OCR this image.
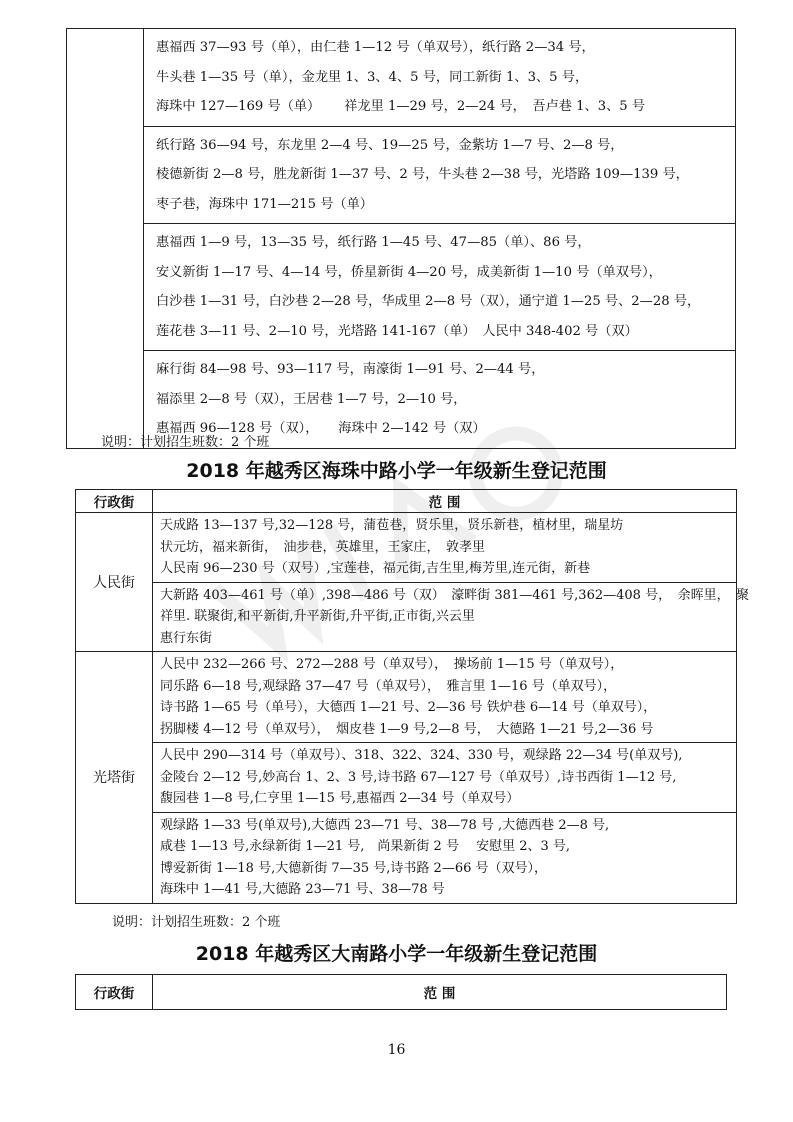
惠福西 37—93 号（单），由仁巷 1—12 号（单双号），纸行路 2—34 号，
牛头巷 1—35 号（单），金龙里 1、3、4、5 号，同工新街 1、3、5 号，
海珠中 127—169 号（单）　　 祥龙里 1—29 号，2—24 号，　吾卢巷 1、3、5 号

纸行路 36—94 号，东龙里 2—4 号、19—25 号，金紫坊 1—7 号、2—8 号，
棱德新街 2—8 号，胜龙新街 1—37 号、2 号，牛头巷 2—38 号，光塔路 109—139 号，
枣子巷，海珠中 171—215 号（单）

惠福西 1—9 号，13—35 号，纸行路 1—45 号、47—85（单）、86 号，
安义新街 1—17 号、4—14 号，侨星新街 4—20 号，成美新街 1—10 号（单双号），
白沙巷 1—31 号，白沙巷 2—28 号，华成里 2—8 号（双），通宁道 1—25 号、2—28 号，
莲花巷 3—11 号、2—10 号，光塔路 141-167（单）　人民中 348-402 号（双）

麻行街 84—98 号、93—117 号，南濠街 1—91 号、2—44 号，
福添里 2—8 号（双），王居巷 1—7 号，2—10 号，
惠福西 96—128 号（双），　　海珠中 2—142 号（双）
说明：计划招生班数：2 个班
2018 年越秀区海珠中路小学一年级新生登记范围
行政街	范 围
人民街	天成路 13—137 号,32—128 号，蒲苞巷，贤乐里，贤乐新巷，植材里，瑞星坊
状元坊，福来新街，　油步巷，英雄里，王家庄，　敦孝里
人民南 96—230 号（双号）,宝莲巷，福元街,吉生里,梅芳里,连元街，新巷

	大新路 403—461 号（单）,398—486 号（双）　濠畔街 381—461 号,362—408 号，　余晖里，　聚
祥里. 联聚街,和平新街,升平新街,升平街,正市街,兴云里
惠行东街

光塔街	人民中 232—266 号、272—288 号（单双号），　操场前 1—15 号（单双号），
同乐路 6—18 号,观绿路 37—47 号（单双号），　雅言里 1—16 号（单双号），
诗书路 1—65 号（单号），大德西 1—21 号、2—36 号 铁炉巷 6—14 号（单双号），
拐脚楼 4—12 号（单双号），　烟皮巷 1—9 号,2—8 号，　大德路 1—21 号,2—36 号

	人民中 290—314 号（单双号）、318、322、324、330 号，观绿路 22—34 号(单双号),
金陵台 2—12 号,妙高台 1、2、3 号,诗书路 67—127 号（单双号）,诗书西街 1—12 号,
馥园巷 1—8 号,仁亨里 1—15 号,惠福西 2—34 号（单双号）

	观绿路 1—33 号(单双号),大德西 23—71 号、38—78 号 ,大德西巷 2—8 号,
咸巷 1—13 号,永绿新街 1—21 号,　尚果新街 2 号　 安慰里 2、3 号,
博爱新街 1—18 号,大德新街 7—35 号,诗书路 2—66 号（双号），
海珠中 1—41 号,大德路 23—71 号、38—78 号
说明：计划招生班数：2 个班
2018 年越秀区大南路小学一年级新生登记范围
行政街	范 围
16
